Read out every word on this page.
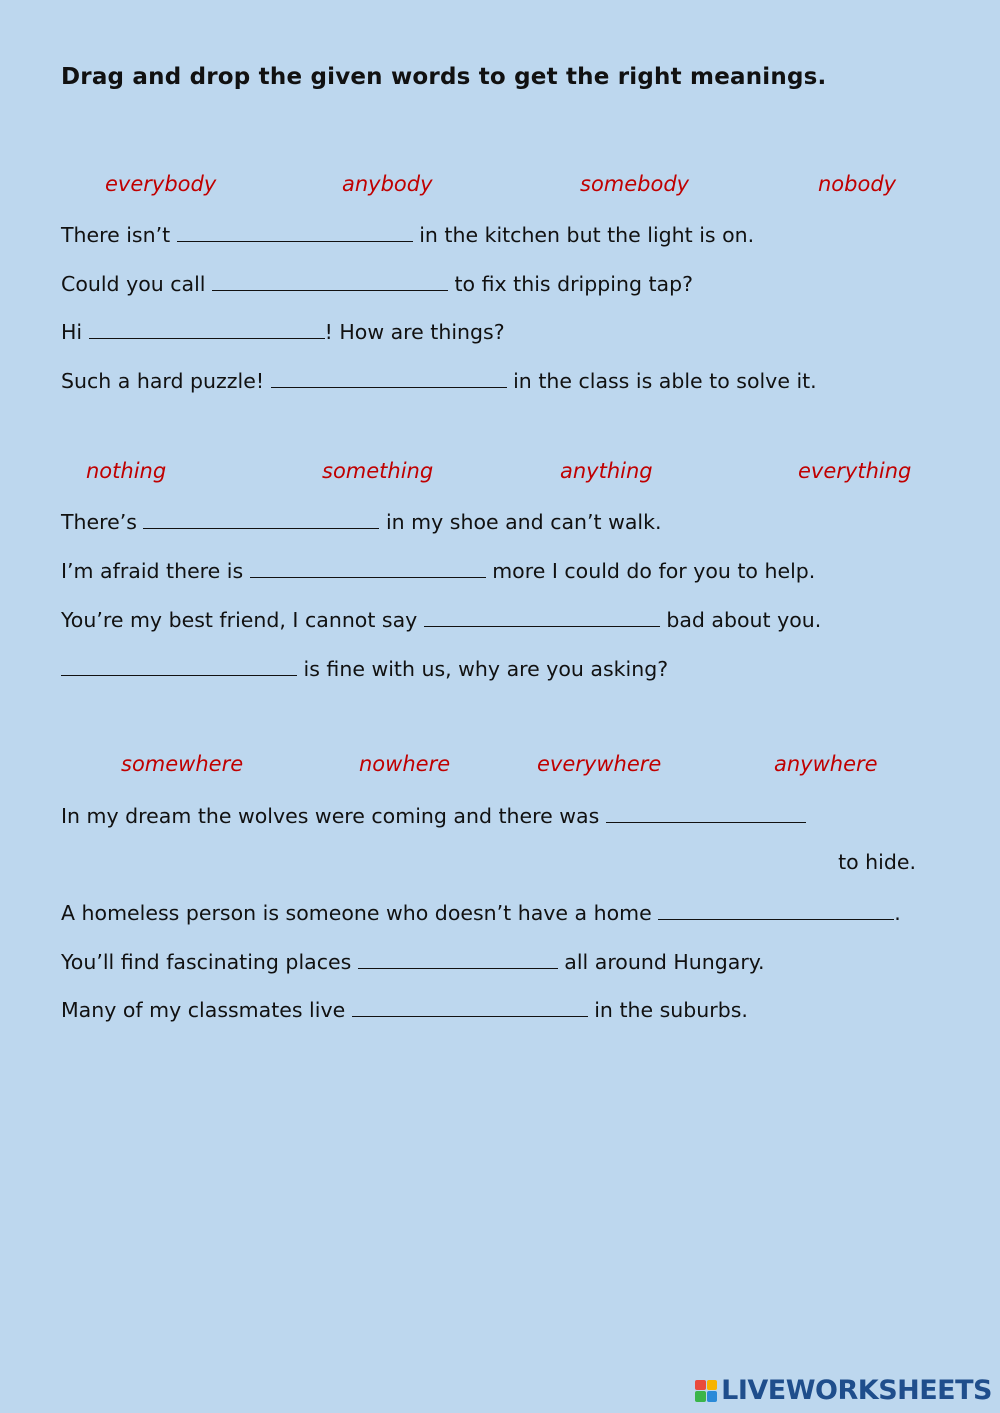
Drag and drop the given words to get the right meanings.
everybody	anybody	somebody	nobody
There isn’t	in the kitchen but the light is on.
Could you call	to fix this dripping tap?
Hi	! How are things?
Such a hard puzzle!	in the class is able to solve it.
nothing	something	anything	everything
There’s	in my shoe and can’t walk.
I’m afraid there is	more I could do for you to help.
You’re my best friend, I cannot say	bad about you.
is fine with us, why are you asking?
somewhere	nowhere	everywhere	anywhere
In my dream the wolves were coming and there was
to hide.
A homeless person is someone who doesn’t have a home	.
You’ll find fascinating places	all around Hungary.
Many of my classmates live	in the suburbs.
LIVEWORKSHEETS
